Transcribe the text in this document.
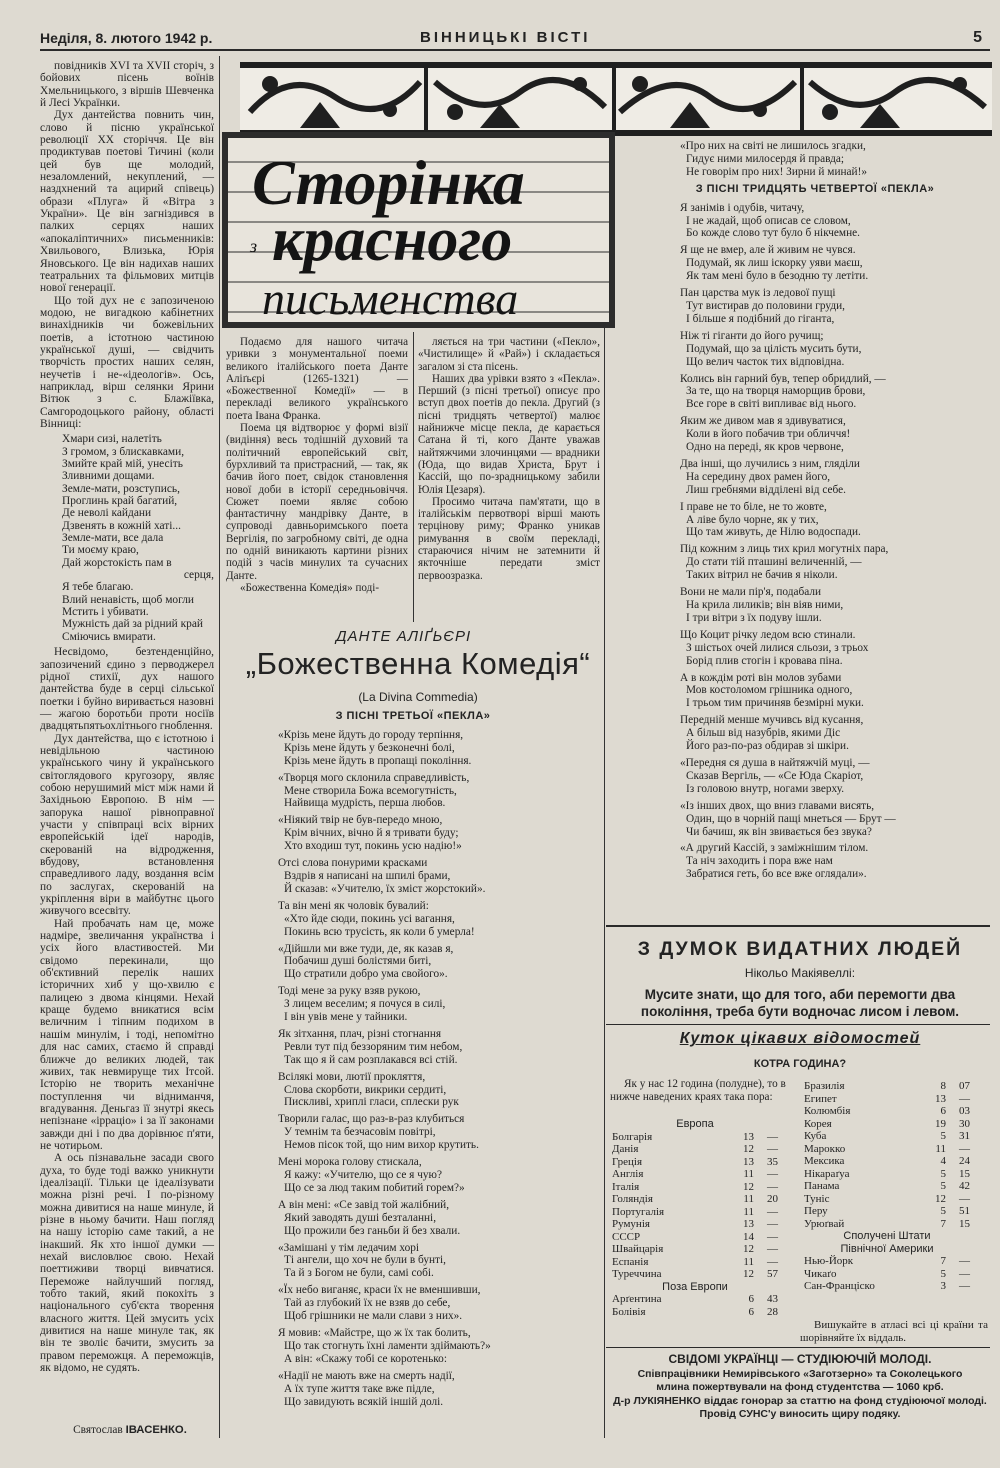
Неділя, 8. лютого 1942 р.	ВІННИЦЬКІ ВІСТІ	5

повідників XVI та XVII сторіч, з бойових пісень воїнів Хмельницького, з віршів Шевченка й Лесі Українки.

Дух дантейства повнить чин, слово й пісню української революції XX сторіччя. Це він продиктував поетові Тичині (коли цей був ще молодий, незаломлений, некуплений, — наздхнений та ацирий співець) образи «Плуга» й «Вітра з України». Це він загніздився в палких серцях наших «апокаліптичних» письменників: Хвильового, Влизька, Юрія Яновського. Це він надихав наших театральних та фільмових митців нової генерації.

Що той дух не є запозиченою модою, не вигадкою кабінетних винахідників чи божевільних поетів, а істотною частиною української душі, — свідчить творчість простих наших селян, неучетів і не-«ідеологів». Ось, наприклад, вірш селянки Ярини Вітюк з с. Блажіївка, Самгородоцького району, області Вінниці:

Хмари сизі, налетіть
З громом, з блискавками,
Змийте край мій, унесіть
Зливними дощами.
Земле-мати, розступись,
Проглинь край багатий,
Де неволі кайдани
Дзвенять в кожній хаті...
Земле-мати, все дала
Ти моєму краю,
Дай жорстокість пам в
серця,
Я тебе благаю.
Влий ненавість, щоб могли
Мстить і убивати.
Мужність дай за рідний край
Сміючись вмирати.

Несвідомо, безтенденційно, запозичений єдино з перводжерел рідної стихії, дух нашого дантейства буде в серці сільської поетки і буйно виривається назовні — жагою боротьби проти носіїв двадцятьпятьохлітнього гноблення.

Дух дантейства, що є істотною і невідільною частиною українського чину й українського світоглядового кругозору, являє собою нерушимий міст між нами й Західньою Европою. В нім — запорука нашої рівноправної участи у співпраці всіх вірних европейській ідеї народів, скерованій на відродження, вбудову, встановлення справедливого ладу, воздання всім по заслугах, скерованій на укріплення віри в майбутнє цього живучого всесвіту.

Най пробачать нам це, може надміре, звеличання українства і усіх його властивостей. Ми свідомо перекинали, що об'єктивний перелік наших історичних хиб у що-хвилю є палицею з двома кінцями. Нехай краще будемо вникатися всім величним і тіпним подихом в нашім минулім, і тоді, непомітно для нас самих, стаємо й справді ближче до великих людей, так живих, так невмируще тих Ітсой. Історію не творить механічне поступлення чи відниманчя, вгадування. Деньгаз її знутрі якесь непізнане «ірраціо» і за її законами завжди дні і по два дорівнює п'яти, не чотирьом.

А ось пізнавальне засади свого духа, то буде тоді важко уникнути ідеалізації. Тільки це ідеалізувати можна різні речі. І по-різному можна дивитися на наше минуле, й різне в ньому бачити. Наш погляд на нашу історію саме такий, а не інакший. Як хто іншої думки — нехай висловлює свою. Нехай поеттиживи творці вивчатися. Переможе найлучший погляд, тобто такий, який покохіть з національного суб'єкта творення власного життя. Цей змусить усіх дивитися на наше минуле так, як він те зволіє бачити, змусить за правом переможця. А переможців, як відомо, не судять.

Святослав ІВАСЕНКО.
Сторінка
з красного
письменства

Подаємо для нашого читача уривки з монументальної поеми великого італійського поета Данте Аліґьєрі (1265-1321) — «Божественної Комедії» — в перекладі великого українського поета Івана Франка.

Поема ця відтворює у формі візії (видіння) весь тодішній духовий та політичний европейський світ, бурхливий та пристрасний, — так, як бачив його поет, свідок становлення нової доби в історії середньовіччя. Сюжет поеми являє собою фантастичну мандрівку Данте, в супроводі давньоримського поета Вергілія, по загробному світі, де одна по одній виникають картини різних подій з часів минулих та сучасних Данте.

«Божественна Комедія» поді-

ляється на три частини («Пекло», «Чистилище» й «Рай») і складається загалом зі ста пісень.

Наших два урівки взято з «Пекла». Перший (з пісні третьої) описує про вступ двох поетів до пекла. Другий (з пісні тридцять четвертої) малює найнижче місце пекла, де карається Сатана й ті, кого Данте уважав найтяжчими злочинцями — врадники (Юда, що видав Христа, Брут і Кассій, що по-зрадницькому забили Юлія Цезаря).

Просимо читача пам'ятати, що в італійськім первотворі вірші мають терцінову риму; Франко уникав римування в своїм перекладі, стараючися нічим не затемнити й якточніше передати зміст первоозразка.

ДАНТЕ АЛІҐЬЄРІ
„Божественна Комедія“
(La Divina Commedia)
З ПІСНІ ТРЕТЬОЇ «ПЕКЛА»
«Крізь мене йдуть до городу терпіння,
Крізь мене йдуть у безконечні болі,
Крізь мене йдуть в пропащі покоління.
«Творця мого склонила справедливість,
Мене створила Божа всемогутність,
Найвища мудрість, перша любов.
«Ніякий твір не був-передо мною,
Крім вічних, вічно й я тривати буду;
Хто входиш тут, покинь усю надію!»
Отсі слова понурими красками
Вздрів я написані на шпилі брами,
Й сказав: «Учителю, їх зміст жорстокий».
Та він мені як чоловік бувалий:
«Хто йде сюди, покинь усі вагання,
Покинь всю трусість, як коли б умерла!
«Дійшли ми вже туди, де, як казав я,
Побачиш душі болістями биті,
Що стратили добро ума свойого».
Тоді мене за руку взяв рукою,
З лицем веселим; я почуся в силі,
І він увів мене у тайники.
Як зітхання, плач, різні стогнання
Ревли тут під беззоряним тим небом,
Так що я й сам розплакався всі стій.
Всілякі мови, лютії прокляття,
Слова скорботи, викрики сердиті,
Пискливі, хриплі гласи, сплески рук
Творили галас, що раз-в-раз клубиться
У темнім та безчасовім повітрі,
Немов пісок той, що ним вихор крутить.
Мені морока голову стискала,
Я кажу: «Учителю, що се я чую?
Що се за люд таким побитий горем?»
А він мені: «Се завід той жалібний,
Який заводять душі безталанні,
Що прожили без ганьби й без хвали.
«Замішані у тім ледачим хорі
Ті ангели, що хоч не були в бунті,
Та й з Богом не були, самі собі.
«Їх небо виганяє, краси їх не вменшивши,
Тай аз глубокий їх не взяв до себе,
Щоб грішники не мали слави з них».
Я мовив: «Майстре, що ж їх так болить,
Що так стогнуть їхні ламенти здіймають?»
А він: «Скажу тобі се коротенько:
«Надії не мають вже на смерть надії,
А їх тупе життя таке вже підле,
Що завидують всякій іншій долі.
«Про них на світі не лишилось згадки,
Гидує ними милосердя й правда;
Не говорім про них! Зирни й минай!»
З ПІСНІ ТРИДЦЯТЬ ЧЕТВЕРТОЇ «ПЕКЛА»
Я занімів і одубів, читачу,
І не жадай, щоб описав се словом,
Бо кожде слово тут було б нікчемне.
Я ще не вмер, але й живим не чувся.
Подумай, як лиш іскорку уяви маєш,
Як там мені було в безодню ту летіти.
Пан царства мук із ледової пущі
Тут вистирав до половини груди,
І більше я подібний до гіганта,
Ніж ті гіганти до його ручищ;
Подумай, що за цілість мусить бути,
Що велич часток тих відповідна.
Колись він гарний був, тепер обридлий, —
За те, що на творця наморщив брови,
Все горе в світі випливає від нього.
Яким же дивом мав я здивуватися,
Коли в його побачив три обличчя!
Одно на переді, як кров червоне,
Два інші, що лучились з ним, гляділи
На середину двох рамен його,
Лиш гребнями відділені від себе.
І праве не то біле, не то жовте,
А ліве було чорне, як у тих,
Що там живуть, де Нілю водоспади.
Під кожним з лиць тих крил могутніх пара,
До стати тій пташині величенній, —
Таких вітрил не бачив я ніколи.
Вони не мали пір'я, подабали
На крила лиликів; він віяв ними,
І три вітри з їх подуву ішли.
Що Коцит річку ледом всю стинали.
З шістьох очей лилися сльози, з трьох
Борід плив стогін і кровава піна.
А в кождім роті він молов зубами
Мов костоломом грішника одного,
І трьом тим причиняв безмірні муки.
Передній менше мучивсь від кусання,
А більш від назубрів, якими Діс
Його раз-по-раз обдирав зі шкіри.
«Передня ся душа в найтяжчій муці, —
Сказав Вергіль, — «Се Юда Скаріот,
Із головою внутр, ногами зверху.
«Із інших двох, що вниз главами висять,
Один, що в чорній пащі мнеться — Брут —
Чи бачиш, як він звивається без звука?
«А другий Кассій, з заміжнішим тілом.
Та ніч заходить і пора вже нам
Забратися геть, бо все вже оглядали».
З ДУМОК ВИДАТНИХ ЛЮДЕЙ
Нікольо Макіявеллі:
Мусите знати, що для того, аби перемогти два покоління, треба бути водночас лисом і левом.
Куток цікавих відомостей
КОТРА ГОДИНА?
Як у нас 12 година (полудне), то в нижче наведених краях така пора:
Европа		
Болгарія	13	—
Данія	12	—
Греція	13	35
Англія	11	—
Італія	12	—
Голяндія	11	20
Португалія	11	—
Румунія	13	—
СССР	14	—
Швайцарія	12	—
Еспанія	11	—
Туреччина	12	57
Поза Европи		
Арґентина	6	43
Болівія	6	28
Бразилія	8	07
Египет	13	—
Колюмбія	6	03
Корея	19	30
Куба	5	31
Марокко	11	—
Мексика	4	24
Нікараґуа	5	15
Панама	5	42
Туніс	12	—
Перу	5	51
Урюґвай	7	15
Сполучені Штати		
Північної Америки		
Нью-Йорк	7	—
Чикаґо	5	—
Сан-Франціско	3	—
Вишукайте в атласі всі ці країни та шорівняйте їх віддаль.
СВІДОМІ УКРАЇНЦІ — СТУДІЮЮЧІЙ МОЛОДІ.
Співпрацівники Немирівського «Заготзерно» та Соколецького
млина пожертвували на фонд студентства — 1060 крб.
Д-р ЛУКІЯНЕНКО віддає гонорар за статтю на фонд студіюючої молоді.
Провід СУНС'у виносить щиру подяку.
